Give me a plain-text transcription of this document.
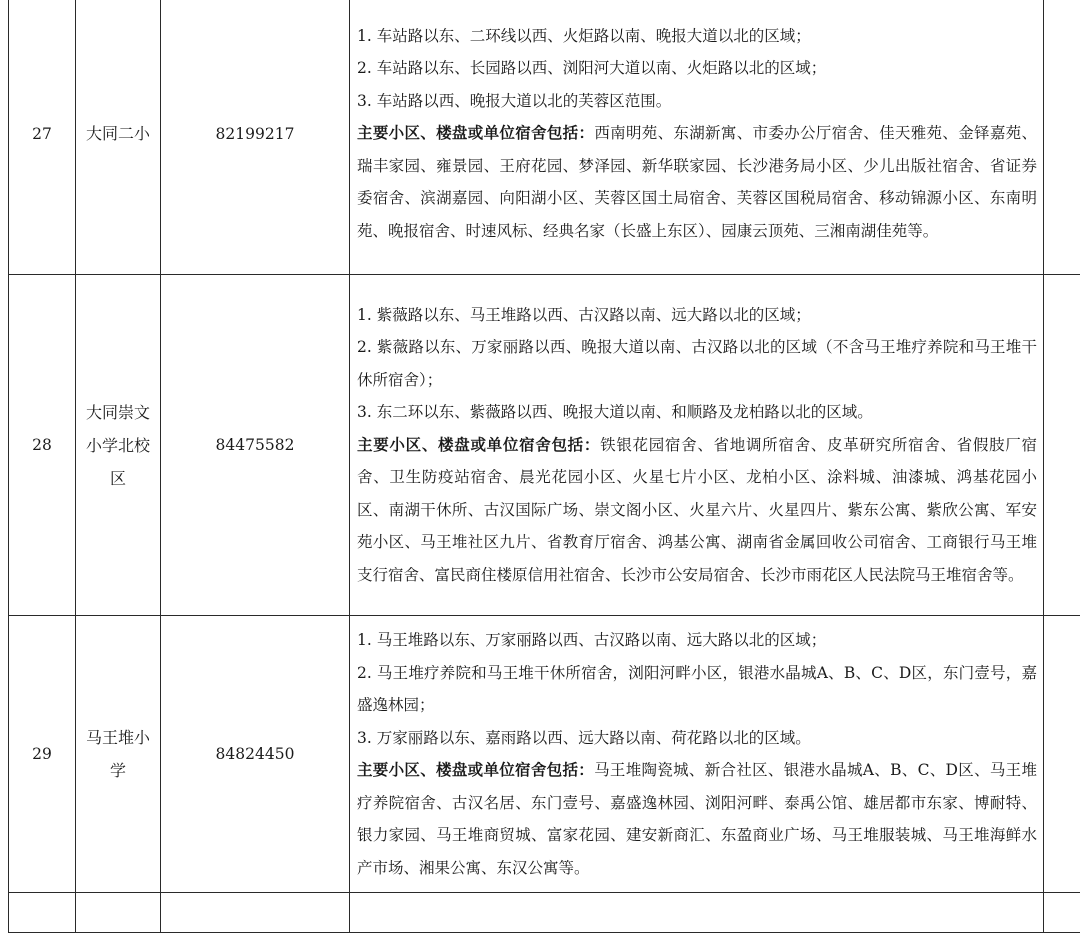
27	大同二小	82199217	1. 车站路以东、二环线以西、火炬路以南、晚报大道以北的区域；

2. 车站路以东、长园路以西、浏阳河大道以南、火炬路以北的区域；

3. 车站路以西、晚报大道以北的芙蓉区范围。

主要小区、楼盘或单位宿舍包括：西南明苑、东湖新寓、市委办公厅宿舍、佳天雅苑、金铎嘉苑、瑞丰家园、雍景园、王府花园、梦泽园、新华联家园、长沙港务局小区、少儿出版社宿舍、省证券委宿舍、滨湖嘉园、向阳湖小区、芙蓉区国土局宿舍、芙蓉区国税局宿舍、移动锦源小区、东南明苑、晚报宿舍、时速风标、经典名家（长盛上东区）、园康云顶苑、三湘南湖佳苑等。	

28	大同崇文小学北校区	84475582	1. 紫薇路以东、马王堆路以西、古汉路以南、远大路以北的区域；

2. 紫薇路以东、万家丽路以西、晚报大道以南、古汉路以北的区域（不含马王堆疗养院和马王堆干休所宿舍）；

3. 东二环以东、紫薇路以西、晚报大道以南、和顺路及龙柏路以北的区域。

主要小区、楼盘或单位宿舍包括：铁银花园宿舍、省地调所宿舍、皮革研究所宿舍、省假肢厂宿舍、卫生防疫站宿舍、晨光花园小区、火星七片小区、龙柏小区、涂料城、油漆城、鸿基花园小区、南湖干休所、古汉国际广场、崇文阁小区、火星六片、火星四片、紫东公寓、紫欣公寓、军安苑小区、马王堆社区九片、省教育厅宿舍、鸿基公寓、湖南省金属回收公司宿舍、工商银行马王堆支行宿舍、富民商住楼原信用社宿舍、长沙市公安局宿舍、长沙市雨花区人民法院马王堆宿舍等。	

29	马王堆小学	84824450	1. 马王堆路以东、万家丽路以西、古汉路以南、远大路以北的区域；

2. 马王堆疗养院和马王堆干休所宿舍，浏阳河畔小区，银港水晶城A、B、C、D区，东门壹号，嘉盛逸林园；

3. 万家丽路以东、嘉雨路以西、远大路以南、荷花路以北的区域。

主要小区、楼盘或单位宿舍包括：马王堆陶瓷城、新合社区、银港水晶城A、B、C、D区、马王堆疗养院宿舍、古汉名居、东门壹号、嘉盛逸林园、浏阳河畔、泰禹公馆、雄居都市东家、博耐特、银力家园、马王堆商贸城、富家花园、建安新商汇、东盈商业广场、马王堆服装城、马王堆海鲜水产市场、湘果公寓、东汉公寓等。	
